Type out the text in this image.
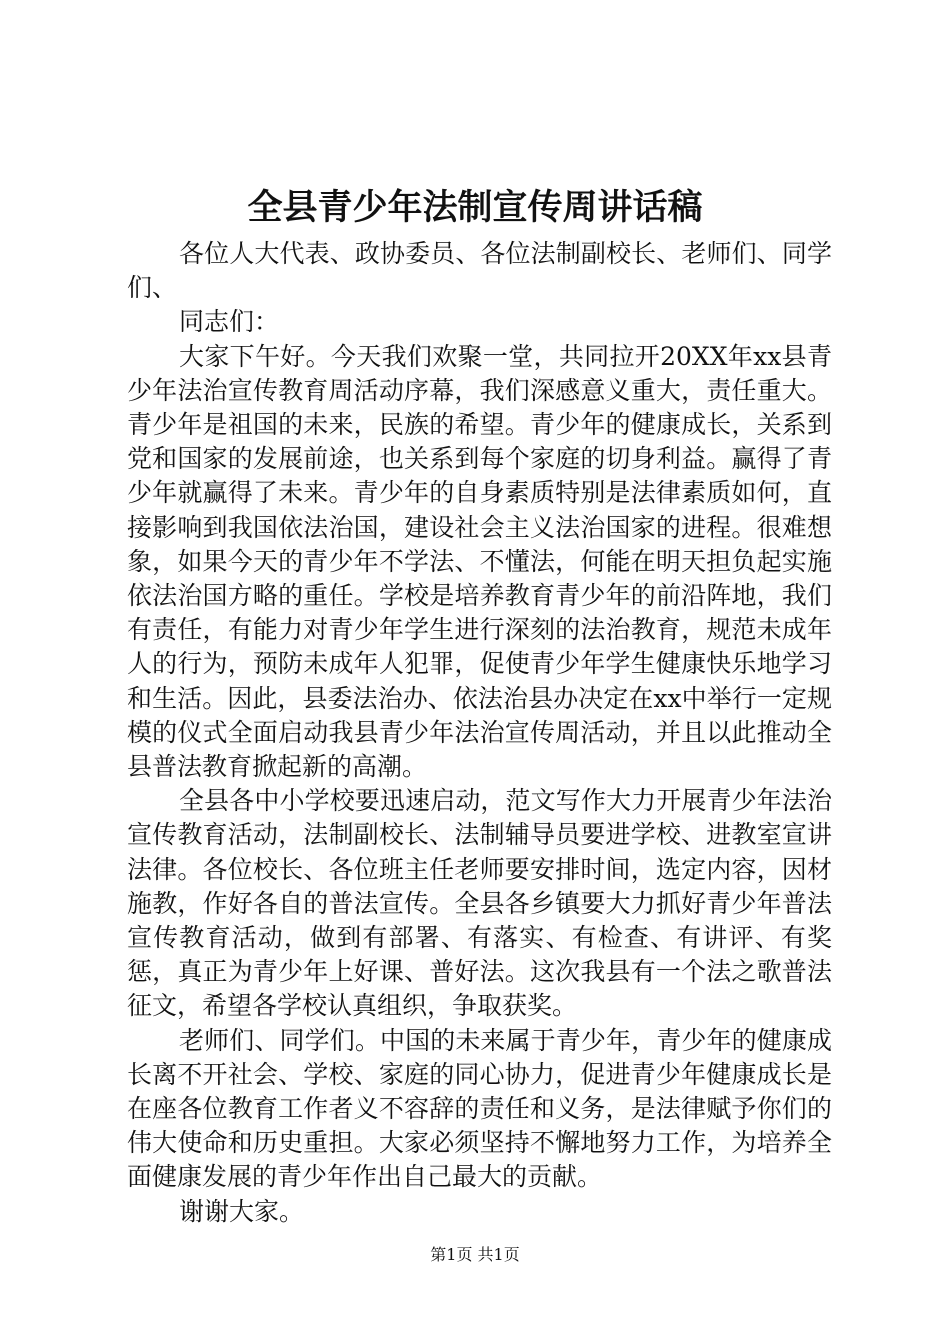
全县青少年法制宣传周讲话稿

各位人大代表、政协委员、各位法制副校长、老师们、同学们、

同志们：

大家下午好。今天我们欢聚一堂，共同拉开20XX年xx县青少年法治宣传教育周活动序幕，我们深感意义重大，责任重大。青少年是祖国的未来，民族的希望。青少年的健康成长，关系到党和国家的发展前途，也关系到每个家庭的切身利益。赢得了青少年就赢得了未来。青少年的自身素质特别是法律素质如何，直接影响到我国依法治国，建设社会主义法治国家的进程。很难想象，如果今天的青少年不学法、不懂法，何能在明天担负起实施依法治国方略的重任。学校是培养教育青少年的前沿阵地，我们有责任，有能力对青少年学生进行深刻的法治教育，规范未成年人的行为，预防未成年人犯罪，促使青少年学生健康快乐地学习和生活。因此，县委法治办、依法治县办决定在xx中举行一定规模的仪式全面启动我县青少年法治宣传周活动，并且以此推动全县普法教育掀起新的高潮。

全县各中小学校要迅速启动，范文写作大力开展青少年法治宣传教育活动，法制副校长、法制辅导员要进学校、进教室宣讲法律。各位校长、各位班主任老师要安排时间，选定内容，因材施教，作好各自的普法宣传。全县各乡镇要大力抓好青少年普法宣传教育活动，做到有部署、有落实、有检查、有讲评、有奖惩，真正为青少年上好课、普好法。这次我县有一个法之歌普法征文，希望各学校认真组织，争取获奖。

老师们、同学们。中国的未来属于青少年，青少年的健康成长离不开社会、学校、家庭的同心协力，促进青少年健康成长是在座各位教育工作者义不容辞的责任和义务，是法律赋予你们的伟大使命和历史重担。大家必须坚持不懈地努力工作，为培养全面健康发展的青少年作出自己最大的贡献。

谢谢大家。

第1页 共1页
